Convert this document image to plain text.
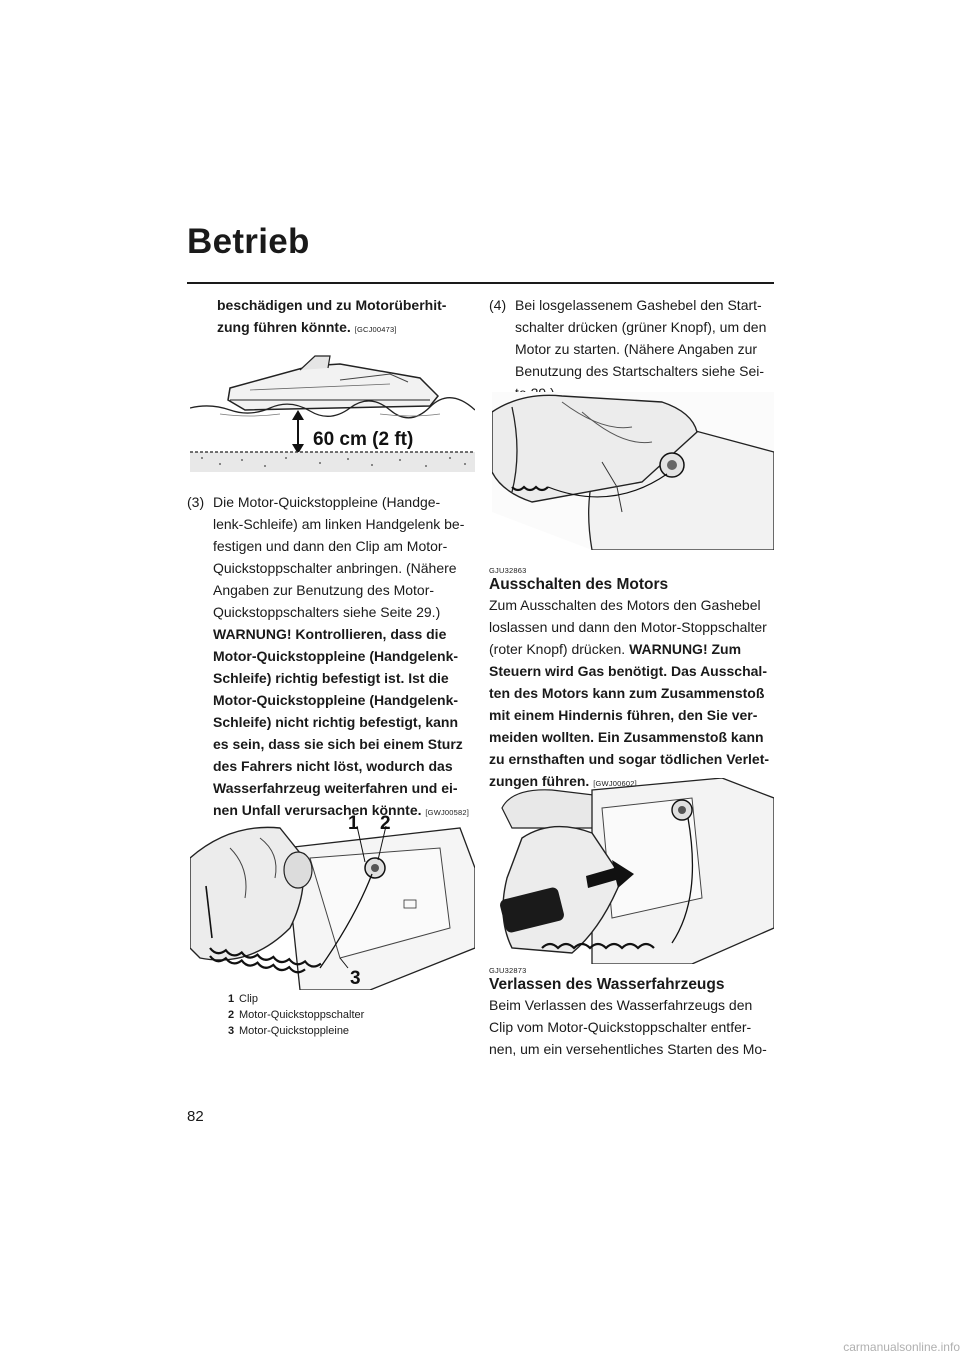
Betrieb

beschädigen und zu Motorüberhit-

zung führen könnte. [GCJ00473]

60 cm (2 ft)
(3) Die Motor-Quickstoppleine (Handge-

lenk-Schleife) am linken Handgelenk be-

festigen und dann den Clip am Motor-

Quickstoppschalter anbringen. (Nähere

Angaben zur Benutzung des Motor-

Quickstoppschalters siehe Seite 29.)

WARNUNG! Kontrollieren, dass die

Motor-Quickstoppleine (Handgelenk-

Schleife) richtig befestigt ist. Ist die

Motor-Quickstoppleine (Handgelenk-

Schleife) nicht richtig befestigt, kann

es sein, dass sie sich bei einem Sturz

des Fahrers nicht löst, wodurch das

Wasserfahrzeug weiterfahren und ei-

nen Unfall verursachen könnte. [GWJ00582]

1 2
3
1 Clip
2 Motor-Quickstoppschalter
3 Motor-Quickstoppleine
82
(4) Bei losgelassenem Gashebel den Start-

schalter drücken (grüner Knopf), um den

Motor zu starten. (Nähere Angaben zur

Benutzung des Startschalters siehe Sei-

GJU32863
Ausschalten des Motors

Zum Ausschalten des Motors den Gashebel

loslassen und dann den Motor-Stoppschalter

(roter Knopf) drücken. WARNUNG! Zum

Steuern wird Gas benötigt. Das Ausschal-

ten des Motors kann zum Zusammenstoß

mit einem Hindernis führen, den Sie ver-

meiden wollten. Ein Zusammenstoß kann

zu ernsthaften und sogar tödlichen Verlet-

zungen führen. [GWJ00602]

GJU32873
Verlassen des Wasserfahrzeugs

Beim Verlassen des Wasserfahrzeugs den

Clip vom Motor-Quickstoppschalter entfer-

nen, um ein versehentliches Starten des Mo-

carmanualsonline.info
